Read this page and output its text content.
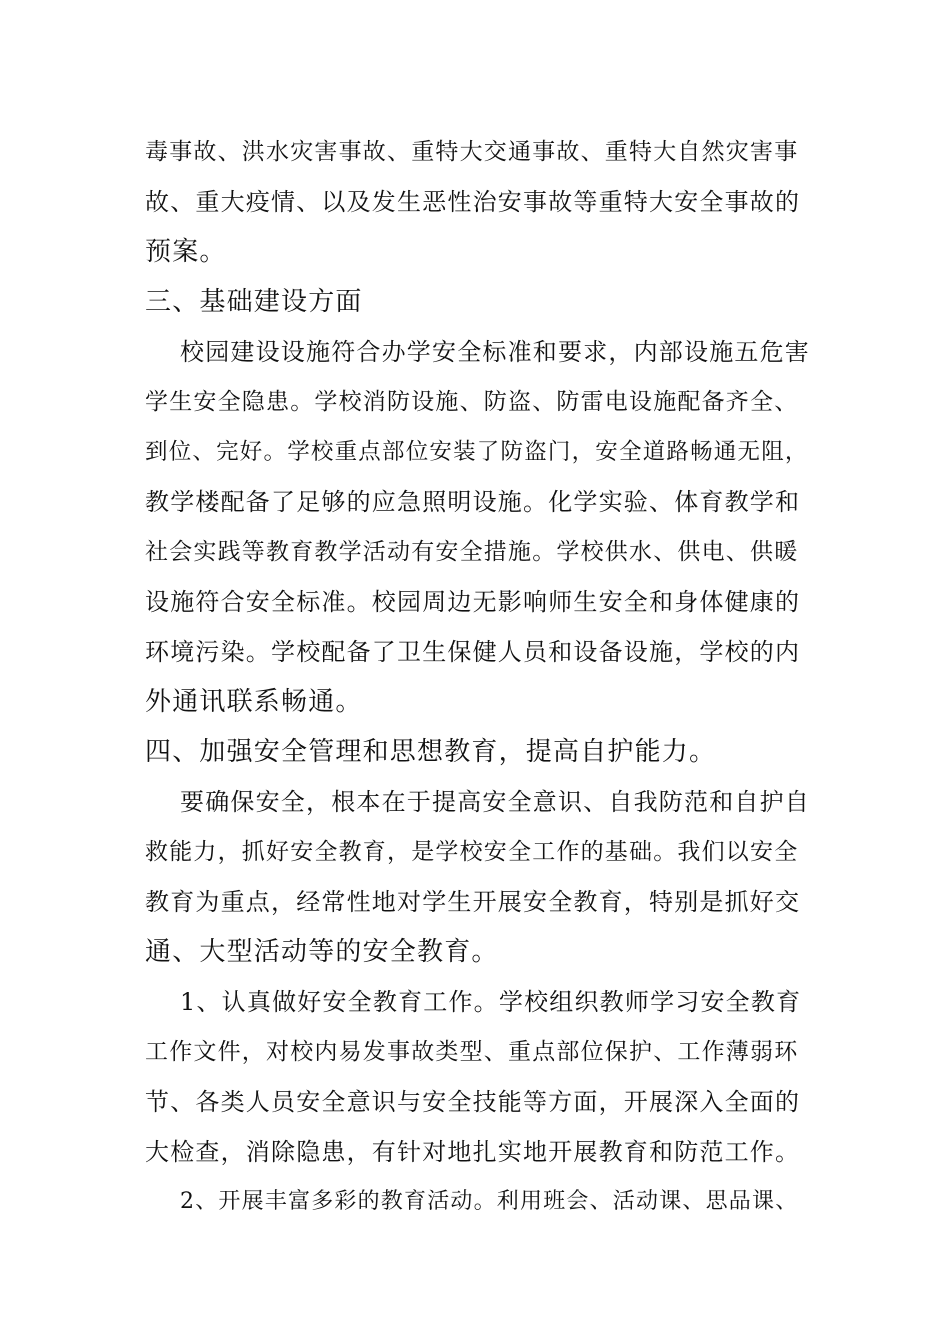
毒事故、洪水灾害事故、重特大交通事故、重特大自然灾害事
故、重大疫情、以及发生恶性治安事故等重特大安全事故的
预案。
三、基础建设方面
校园建设设施符合办学安全标准和要求，内部设施五危害
学生安全隐患。学校消防设施、防盗、防雷电设施配备齐全、
到位、完好。学校重点部位安装了防盗门，安全道路畅通无阻，
教学楼配备了足够的应急照明设施。化学实验、体育教学和
社会实践等教育教学活动有安全措施。学校供水、供电、供暖
设施符合安全标准。校园周边无影响师生安全和身体健康的
环境污染。学校配备了卫生保健人员和设备设施，学校的内
外通讯联系畅通。
四、加强安全管理和思想教育，提高自护能力。
要确保安全，根本在于提高安全意识、自我防范和自护自
救能力，抓好安全教育，是学校安全工作的基础。我们以安全
教育为重点，经常性地对学生开展安全教育，特别是抓好交
通、大型活动等的安全教育。
1、认真做好安全教育工作。学校组织教师学习安全教育
工作文件，对校内易发事故类型、重点部位保护、工作薄弱环
节、各类人员安全意识与安全技能等方面，开展深入全面的
大检查，消除隐患，有针对地扎实地开展教育和防范工作。
2、开展丰富多彩的教育活动。利用班会、活动课、思品课、
